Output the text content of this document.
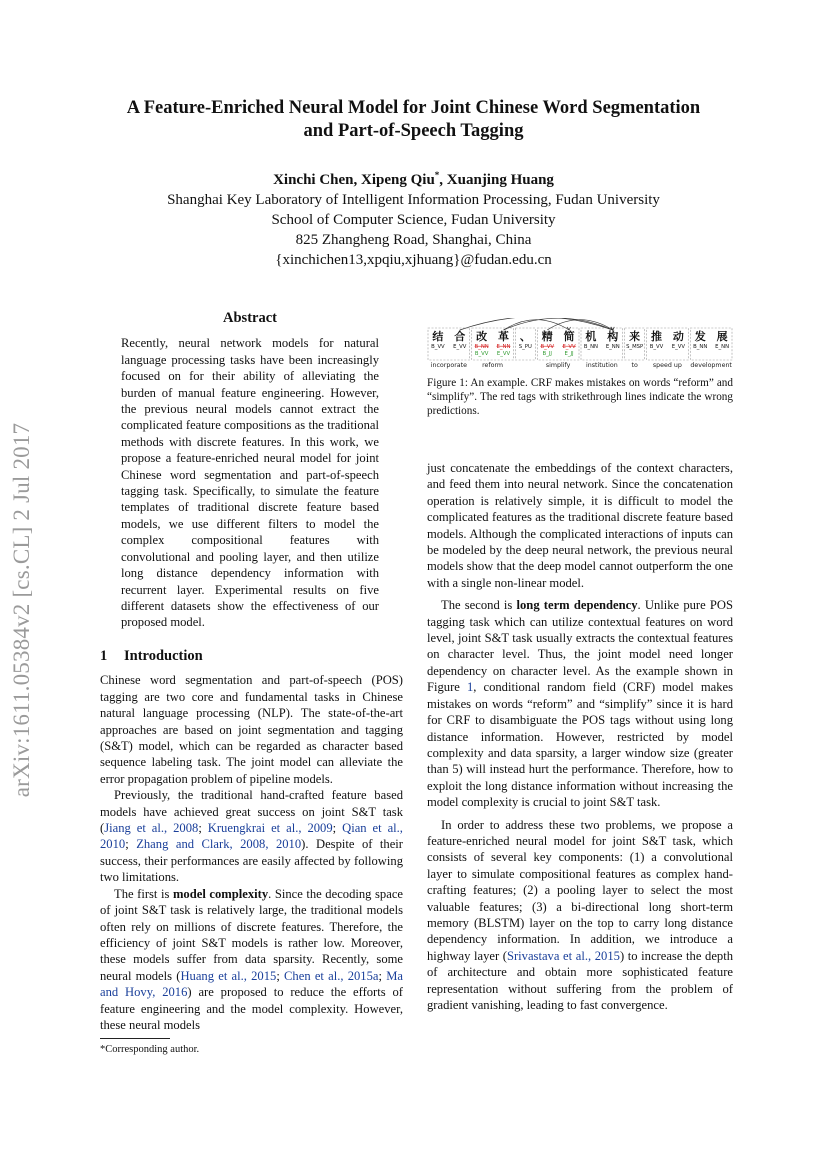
arXiv:1611.05384v2 [cs.CL] 2 Jul 2017
A Feature-Enriched Neural Model for Joint Chinese Word Segmentation
and Part-of-Speech Tagging
Xinchi Chen, Xipeng Qiu*, Xuanjing Huang
Shanghai Key Laboratory of Intelligent Information Processing, Fudan University
School of Computer Science, Fudan University
825 Zhangheng Road, Shanghai, China
{xinchichen13,xpqiu,xjhuang}@fudan.edu.cn
Abstract

Recently, neural network models for natural language processing tasks have been increasingly focused on for their ability of alleviating the burden of manual feature engineering. However, the previous neural models cannot extract the complicated feature compositions as the traditional methods with discrete features. In this work, we propose a feature-enriched neural model for joint Chinese word segmentation and part-of-speech tagging task. Specifically, to simulate the feature templates of traditional discrete feature based models, we use different filters to model the complex compositional features with convolutional and pooling layer, and then utilize long distance dependency information with recurrent layer. Experimental results on five different datasets show the effectiveness of our proposed model.

1 Introduction

Chinese word segmentation and part-of-speech (POS) tagging are two core and fundamental tasks in Chinese natural language processing (NLP). The state-of-the-art approaches are based on joint segmentation and tagging (S&T) model, which can be regarded as character based sequence labeling task. The joint model can alleviate the error propagation problem of pipeline models.

Previously, the traditional hand-crafted feature based models have achieved great success on joint S&T task (Jiang et al., 2008; Kruengkrai et al., 2009; Qian et al., 2010; Zhang and Clark, 2008, 2010). Despite of their success, their performances are easily affected by following two limitations.

The first is model complexity. Since the decoding space of joint S&T task is relatively large, the traditional models often rely on millions of discrete features. Therefore, the efficiency of joint S&T models is rather low. Moreover, these models suffer from data sparsity. Recently, some neural models (Huang et al., 2015; Chen et al., 2015a; Ma and Hovy, 2016) are proposed to reduce the efforts of feature engineering and the model complexity. However, these neural models

*Corresponding author.
结
B_VV
合
E_VV
改
B_NN
B_VV
革
E_NN
E_VV
、
S_PU
精
B_VV
B_JJ
简
E_VV
E_JJ
机
B_NN
构
E_NN
来
S_MSP
推
B_VV
动
E_VV
发
B_NN
展
E_NN
incorporate reform	simplify institution to speed up development

Figure 1: An example. CRF makes mistakes on words “reform” and “simplify”. The red tags with strikethrough lines indicate the wrong predictions.

just concatenate the embeddings of the context characters, and feed them into neural network. Since the concatenation operation is relatively simple, it is difficult to model the complicated features as the traditional discrete feature based models. Although the complicated interactions of inputs can be modeled by the deep neural network, the previous neural models show that the deep model cannot outperform the one with a single non-linear model.

The second is long term dependency. Unlike pure POS tagging task which can utilize contextual features on word level, joint S&T task usually extracts the contextual features on character level. Thus, the joint model need longer dependency on character level. As the example shown in Figure 1, conditional random field (CRF) model makes mistakes on words “reform” and “simplify” since it is hard for CRF to disambiguate the POS tags without using long distance information. However, restricted by model complexity and data sparsity, a larger window size (greater than 5) will instead hurt the performance. Therefore, how to exploit the long distance information without increasing the model complexity is crucial to joint S&T task.

In order to address these two problems, we propose a feature-enriched neural model for joint S&T task, which consists of several key components: (1) a convolutional layer to simulate compositional features as complex hand-crafting features; (2) a pooling layer to select the most valuable features; (3) a bi-directional long short-term memory (BLSTM) layer on the top to carry long distance dependency information. In addition, we introduce a highway layer (Srivastava et al., 2015) to increase the depth of architecture and obtain more sophisticated feature representation without suffering from the problem of gradient vanishing, leading to fast convergence.
